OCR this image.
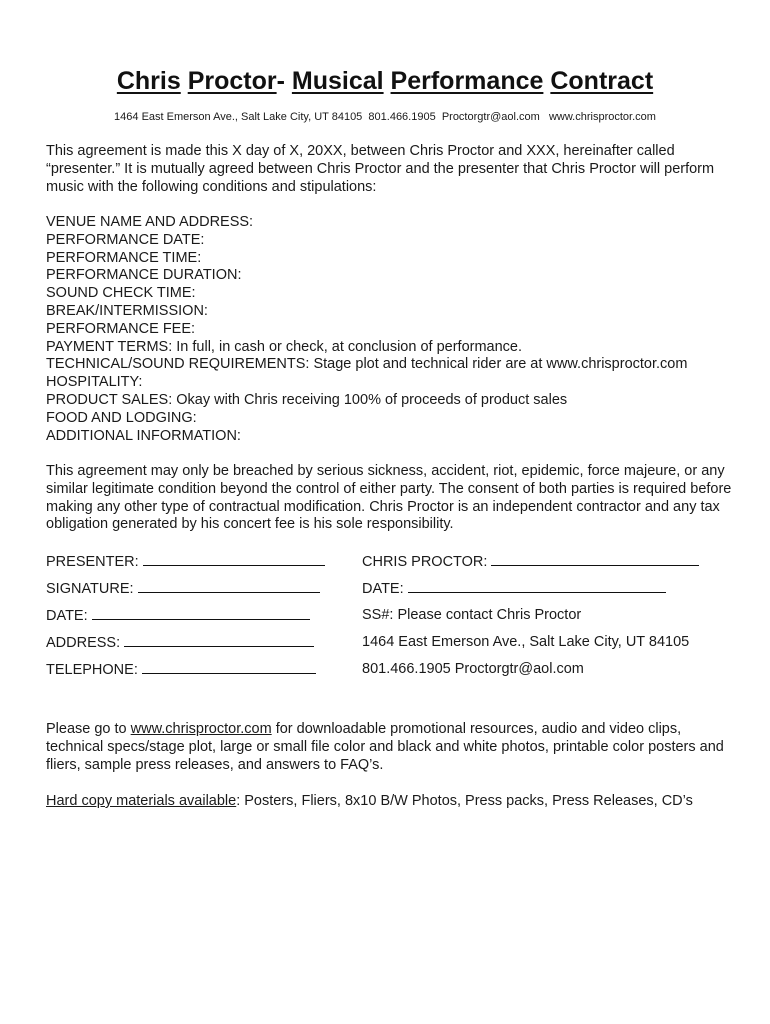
Chris Proctor- Musical Performance Contract
1464 East Emerson Ave., Salt Lake City, UT 84105  801.466.1905  Proctorgtr@aol.com   www.chrisproctor.com
This agreement is made this X day of X, 20XX, between Chris Proctor and XXX, hereinafter called “presenter.” It is mutually agreed between Chris Proctor and the presenter that Chris Proctor will perform music with the following conditions and stipulations:
VENUE NAME AND ADDRESS:
PERFORMANCE DATE:
PERFORMANCE TIME:
PERFORMANCE DURATION:
SOUND CHECK TIME:
BREAK/INTERMISSION:
PERFORMANCE FEE:
PAYMENT TERMS: In full, in cash or check, at conclusion of performance.
TECHNICAL/SOUND REQUIREMENTS: Stage plot and technical rider are at www.chrisproctor.com
HOSPITALITY:
PRODUCT SALES: Okay with Chris receiving 100% of proceeds of product sales
FOOD AND LODGING:
ADDITIONAL INFORMATION:
This agreement may only be breached by serious sickness, accident, riot, epidemic, force majeure, or any similar legitimate condition beyond the control of either party. The consent of both parties is required before making any other type of contractual modification. Chris Proctor is an independent contractor and any tax obligation generated by his concert fee is his sole responsibility.
PRESENTER:	CHRIS PROCTOR:
SIGNATURE:	DATE:
DATE:	SS#: Please contact Chris Proctor
ADDRESS:	1464 East Emerson Ave., Salt Lake City, UT 84105
TELEPHONE:	801.466.1905 Proctorgtr@aol.com
Please go to www.chrisproctor.com for downloadable promotional resources, audio and video clips, technical specs/stage plot, large or small file color and black and white photos, printable color posters and fliers, sample press releases, and answers to FAQ’s.
Hard copy materials available: Posters, Fliers, 8x10 B/W Photos, Press packs, Press Releases, CD’s
